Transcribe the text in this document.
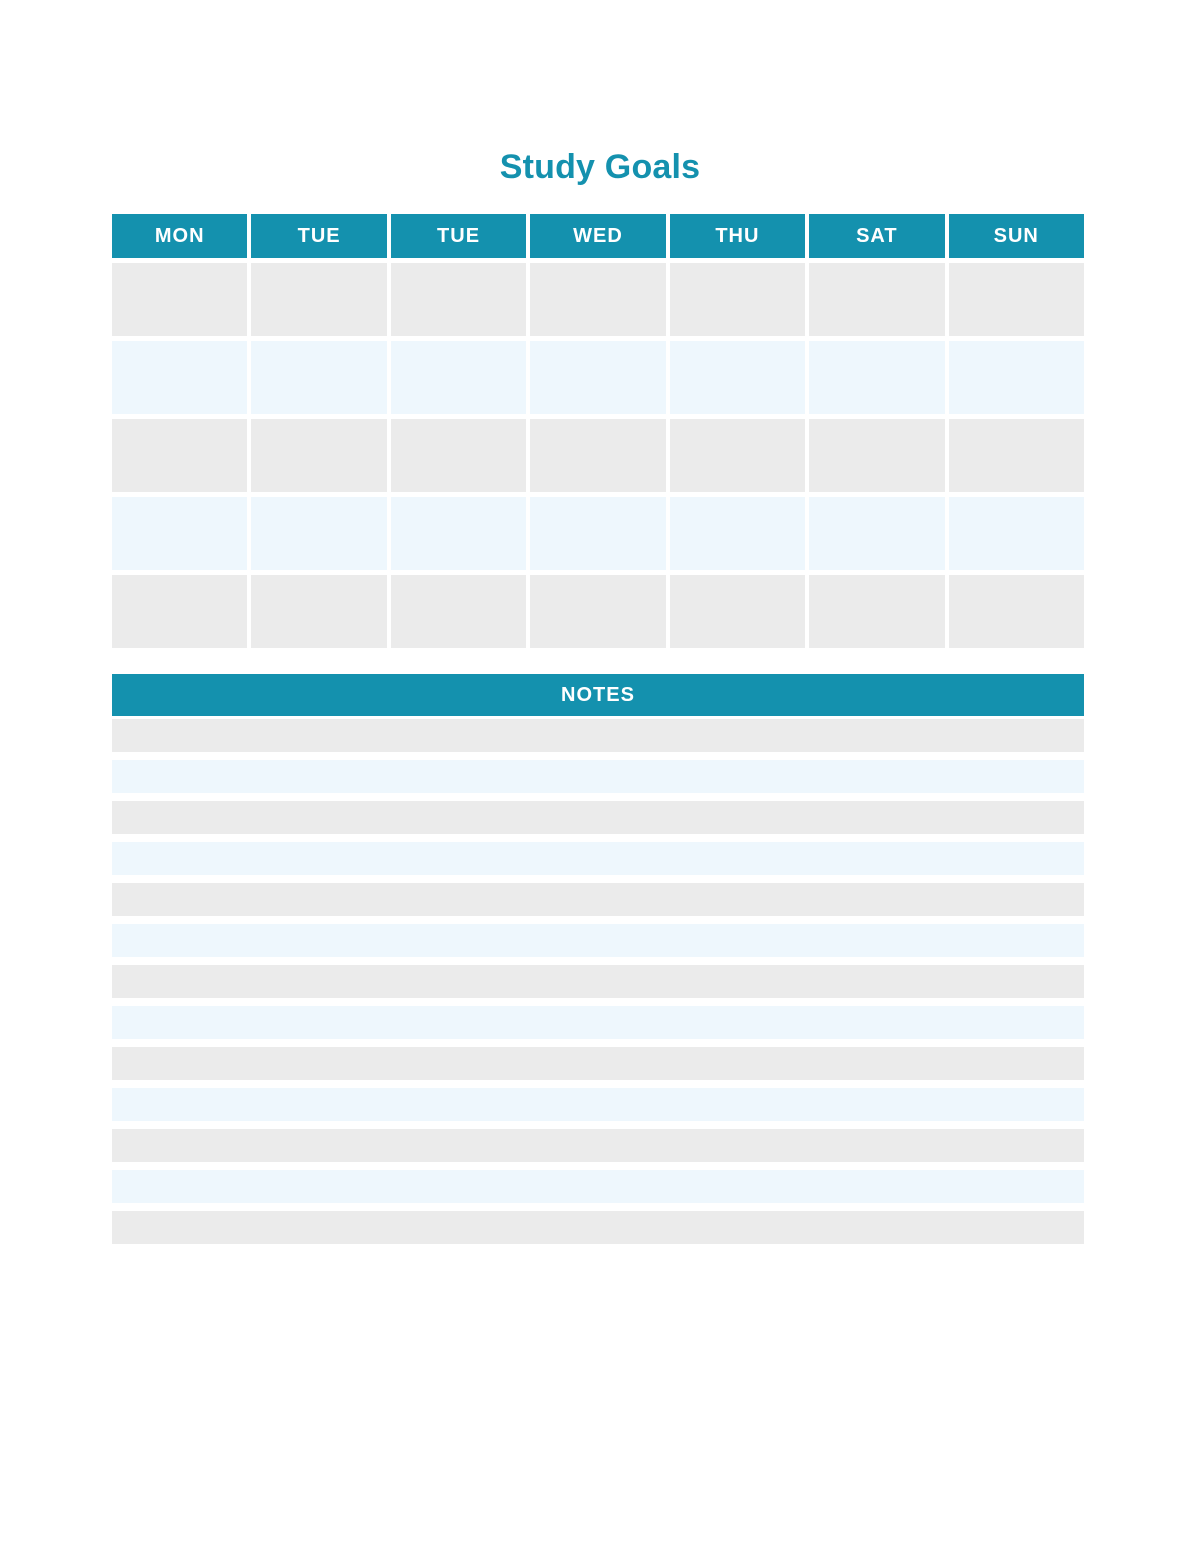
Study Goals
MON	TUE	TUE	WED	THU	SAT	SUN
NOTES
